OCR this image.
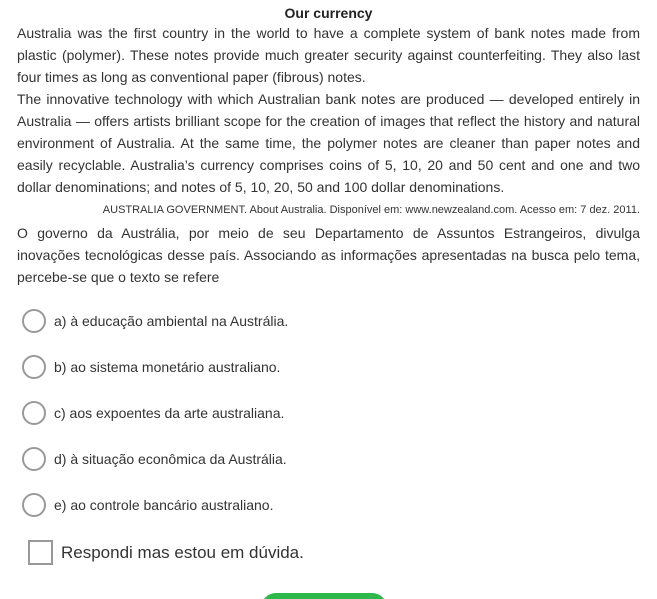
Our currency

Australia was the first country in the world to have a complete system of bank notes made from plastic (polymer). These notes provide much greater security against counterfeiting. They also last four times as long as conventional paper (fibrous) notes.

The innovative technology with which Australian bank notes are produced — developed entirely in Australia — offers artists brilliant scope for the creation of images that reflect the history and natural environment of Australia. At the same time, the polymer notes are cleaner than paper notes and easily recyclable. Australia’s currency comprises coins of 5, 10, 20 and 50 cent and one and two dollar denominations; and notes of 5, 10, 20, 50 and 100 dollar denominations.

AUSTRALIA GOVERNMENT. About Australia. Disponível em: www.newzealand.com. Acesso em: 7 dez. 2011.

O governo da Austrália, por meio de seu Departamento de Assuntos Estrangeiros, divulga inovações tecnológicas desse país. Associando as informações apresentadas na busca pelo tema, percebe-se que o texto se refere

a) à educação ambiental na Austrália.
b) ao sistema monetário australiano.
c) aos expoentes da arte australiana.
d) à situação econômica da Austrália.
e) ao controle bancário australiano.
Respondi mas estou em dúvida.
